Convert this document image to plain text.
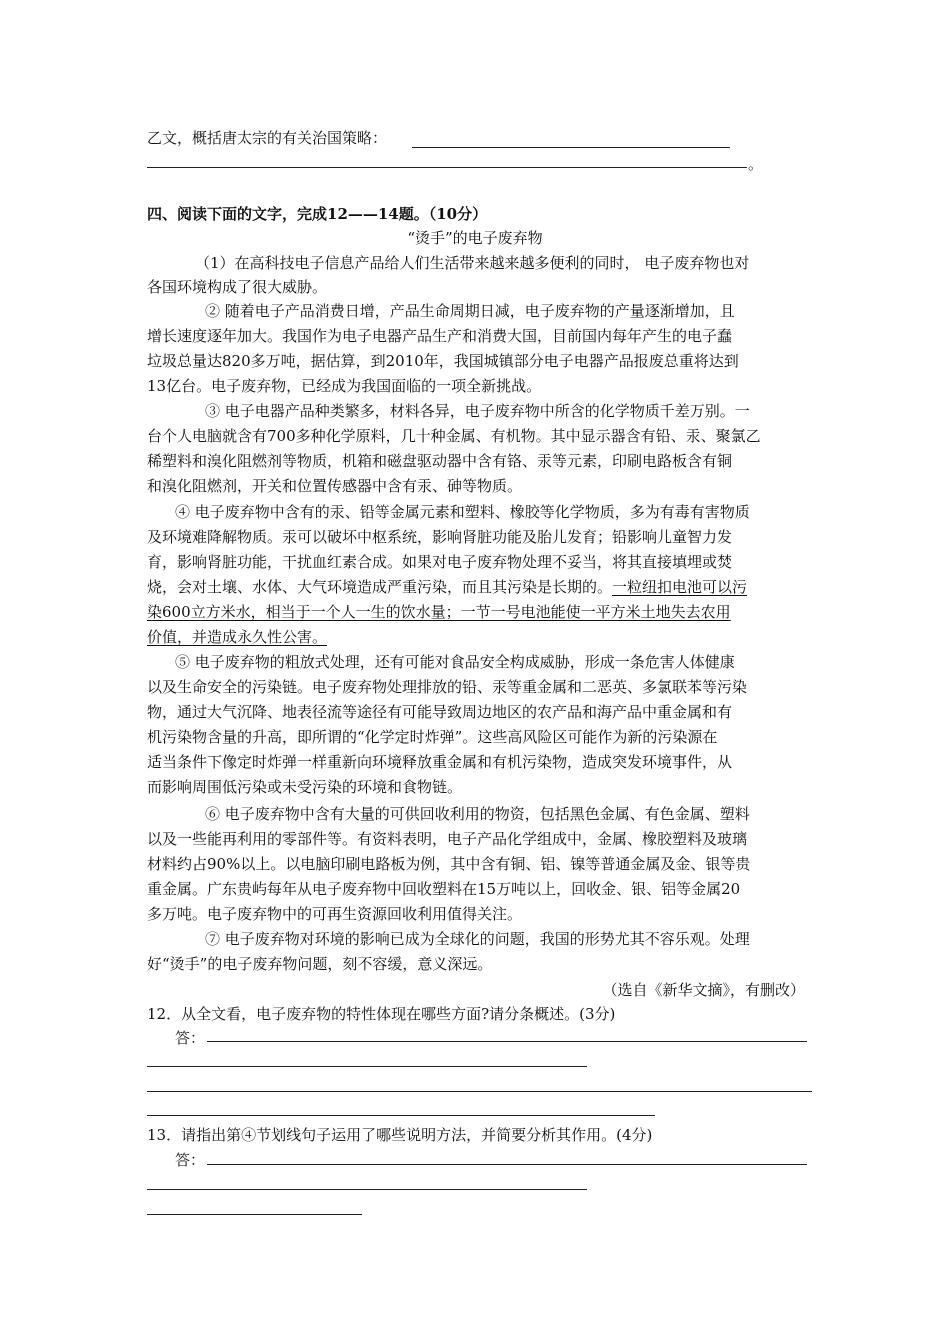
乙文，概括唐太宗的有关治国策略：
。
四、阅读下面的文字，完成12——14题。（10分）
“烫手”的电子废弃物
（1）在高科技电子信息产品给人们生活带来越来越多便利的同时， 电子废弃物也对
各国环境构成了很大威胁。
② 随着电子产品消费日增，产品生命周期日减，电子废弃物的产量逐渐增加，且
增长速度逐年加大。我国作为电子电器产品生产和消费大国，目前国内每年产生的电子蠢
垃圾总量达820多万吨，据估算，到2010年，我国城镇部分电子电器产品报废总重将达到
13亿台。电子废弃物，已经成为我国面临的一项全新挑战。
③ 电子电器产品种类繁多，材料各异，电子废弃物中所含的化学物质千差万别。一
台个人电脑就含有700多种化学原料，几十种金属、有机物。其中显示器含有铅、汞、聚氯乙
稀塑料和溴化阻燃剂等物质，机箱和磁盘驱动器中含有铬、汞等元素，印刷电路板含有铜
和溴化阻燃剂，开关和位置传感器中含有汞、砷等物质。
④ 电子废弃物中含有的汞、铅等金属元素和塑料、橡胶等化学物质，多为有毒有害物质
及环境难降解物质。汞可以破坏中枢系统，影响肾脏功能及胎儿发育；铅影响儿童智力发
育，影响肾脏功能，干扰血红素合成。如果对电子废弃物处理不妥当，将其直接填埋或焚
烧，会对土壤、水体、大气环境造成严重污染，而且其污染是长期的。一粒纽扣电池可以污
染600立方米水，相当于一个人一生的饮水量；一节一号电池能使一平方米土地失去农用
价值，并造成永久性公害。
⑤ 电子废弃物的粗放式处理，还有可能对食品安全构成威胁，形成一条危害人体健康
以及生命安全的污染链。电子废弃物处理排放的铅、汞等重金属和二恶英、多氯联苯等污染
物，通过大气沉降、地表径流等途径有可能导致周边地区的农产品和海产品中重金属和有
机污染物含量的升高，即所谓的“化学定时炸弹”。这些高风险区可能作为新的污染源在
适当条件下像定时炸弹一样重新向环境释放重金属和有机污染物，造成突发环境事件，从
而影响周围低污染或未受污染的环境和食物链。
⑥ 电子废弃物中含有大量的可供回收利用的物资，包括黑色金属、有色金属、塑料
以及一些能再利用的零部件等。有资料表明，电子产品化学组成中，金属、橡胶塑料及玻璃
材料约占90%以上。以电脑印刷电路板为例，其中含有铜、铝、镍等普通金属及金、银等贵
重金属。广东贵屿每年从电子废弃物中回收塑料在15万吨以上，回收金、银、铝等金属20
多万吨。电子废弃物中的可再生资源回收利用值得关注。
⑦ 电子废弃物对环境的影响已成为全球化的问题，我国的形势尤其不容乐观。处理
好“烫手”的电子废弃物问题，刻不容缓，意义深远。
（选自《新华文摘》，有删改）
12．从全文看，电子废弃物的特性体现在哪些方面?请分条概述。(3分)
答：
13．请指出第④节划线句子运用了哪些说明方法，并简要分析其作用。(4分)
答：
